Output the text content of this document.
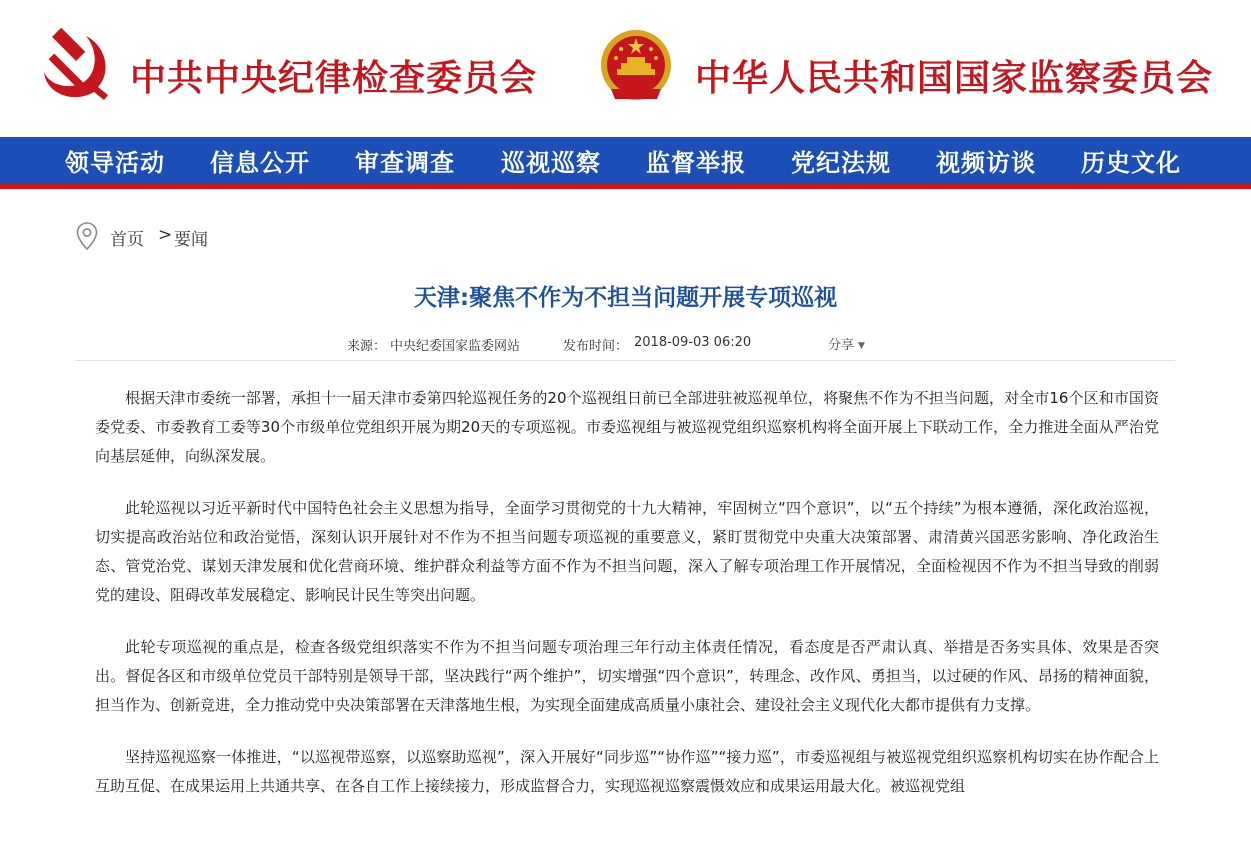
中共中央纪律检查委员会	中华人民共和国国家监察委员会
领导活动 信息公开 审查调查 巡视巡察 监督举报 党纪法规 视频访谈 历史文化
首页 > 要闻
天津:聚焦不作为不担当问题开展专项巡视
来源： 中央纪委国家监委网站	发布时间： 2018-09-03 06:20	分享 ▼

根据天津市委统一部署，承担十一届天津市委第四轮巡视任务的20个巡视组日前已全部进驻被巡视单位，将聚焦不作为不担当问题，对全市16个区和市国资委党委、市委教育工委等30个市级单位党组织开展为期20天的专项巡视。市委巡视组与被巡视党组织巡察机构将全面开展上下联动工作，全力推进全面从严治党向基层延伸，向纵深发展。

此轮巡视以习近平新时代中国特色社会主义思想为指导，全面学习贯彻党的十九大精神，牢固树立“四个意识”，以“五个持续”为根本遵循，深化政治巡视，切实提高政治站位和政治觉悟，深刻认识开展针对不作为不担当问题专项巡视的重要意义，紧盯贯彻党中央重大决策部署、肃清黄兴国恶劣影响、净化政治生态、管党治党、谋划天津发展和优化营商环境、维护群众利益等方面不作为不担当问题，深入了解专项治理工作开展情况，全面检视因不作为不担当导致的削弱党的建设、阻碍改革发展稳定、影响民计民生等突出问题。

此轮专项巡视的重点是，检查各级党组织落实不作为不担当问题专项治理三年行动主体责任情况，看态度是否严肃认真、举措是否务实具体、效果是否突出。督促各区和市级单位党员干部特别是领导干部，坚决践行“两个维护”，切实增强“四个意识”，转理念、改作风、勇担当，以过硬的作风、昂扬的精神面貌，担当作为、创新竞进，全力推动党中央决策部署在天津落地生根，为实现全面建成高质量小康社会、建设社会主义现代化大都市提供有力支撑。

坚持巡视巡察一体推进，“以巡视带巡察，以巡察助巡视”，深入开展好“同步巡”“协作巡”“接力巡”，市委巡视组与被巡视党组织巡察机构切实在协作配合上互助互促、在成果运用上共通共享、在各自工作上接续接力，形成监督合力，实现巡视巡察震慑效应和成果运用最大化。被巡视党组
